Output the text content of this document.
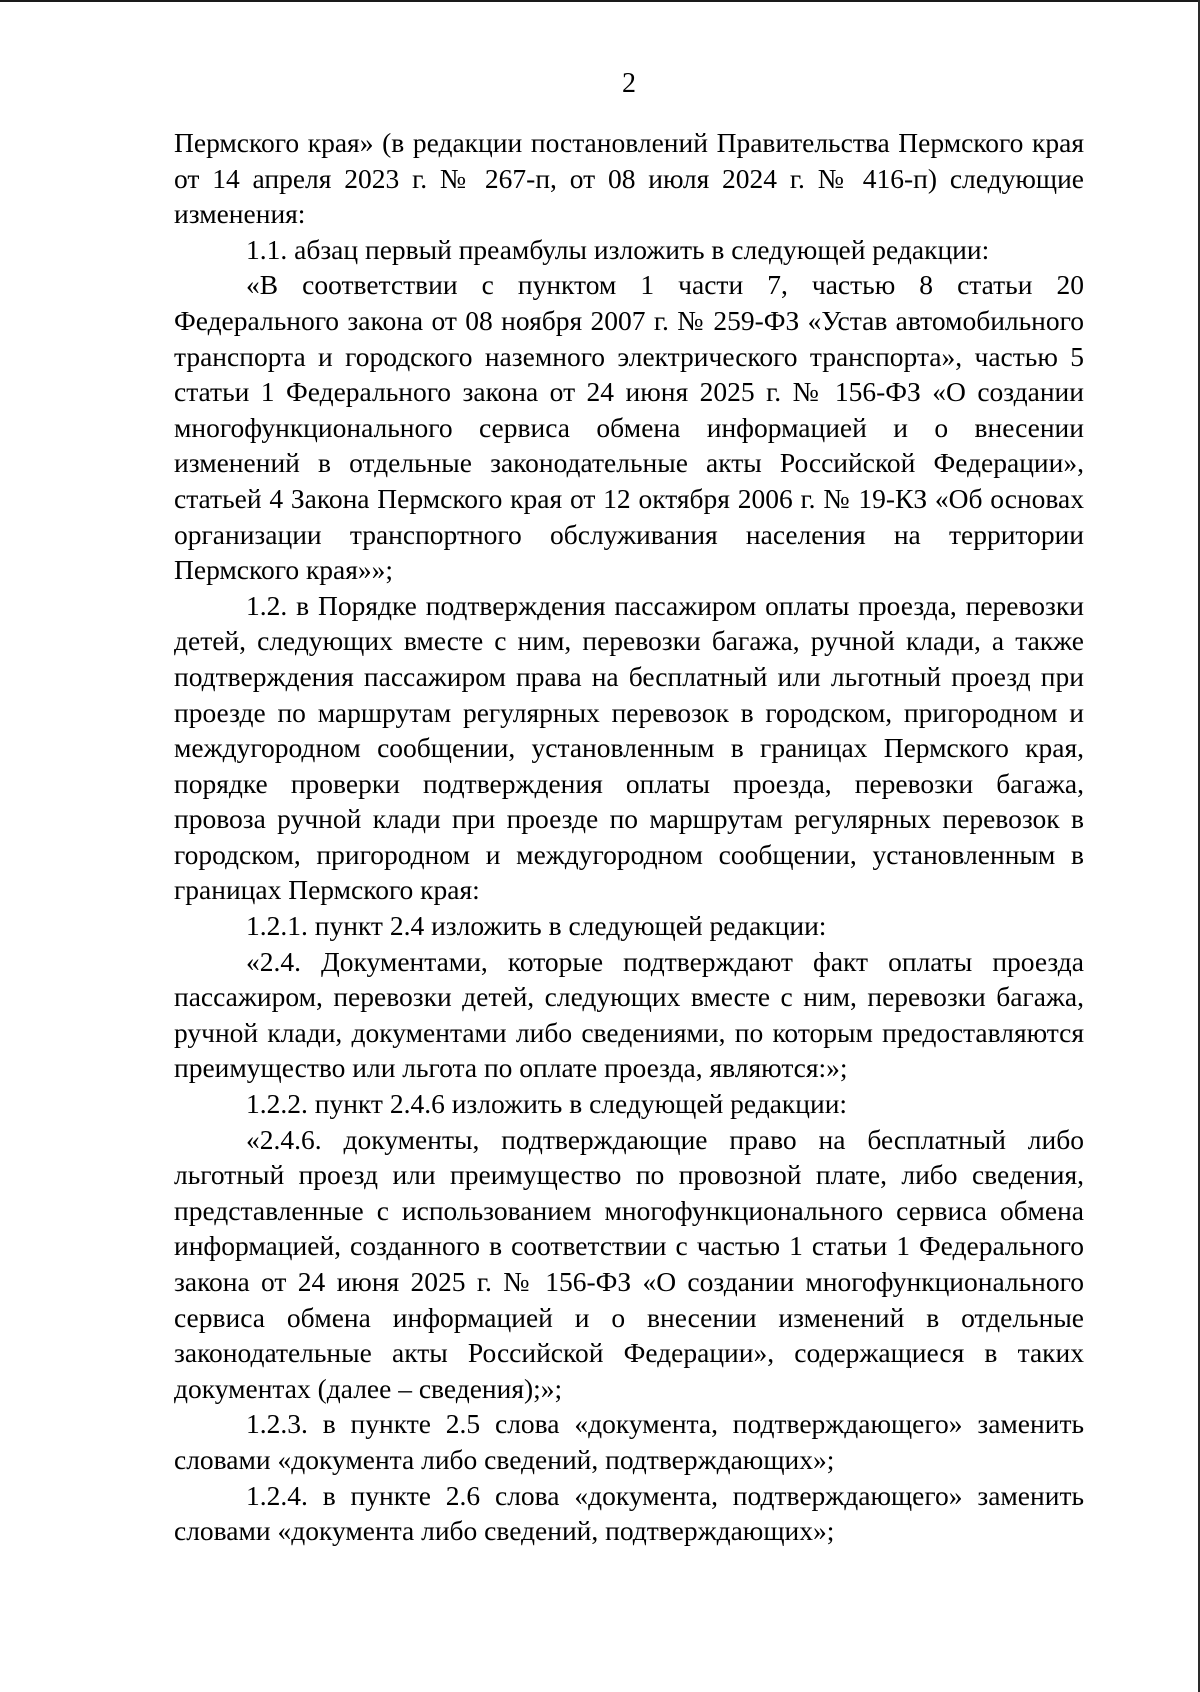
2

Пермского края» (в редакции постановлений Правительства Пермского края от 14 апреля 2023 г. № 267-п, от 08 июля 2024 г. № 416-п) следующие изменения:

1.1. абзац первый преамбулы изложить в следующей редакции:

«В соответствии с пунктом 1 части 7, частью 8 статьи 20 Федерального закона от 08 ноября 2007 г. № 259-ФЗ «Устав автомобильного транспорта и городского наземного электрического транспорта», частью 5 статьи 1 Федерального закона от 24 июня 2025 г. № 156-ФЗ «О создании многофункционального сервиса обмена информацией и о внесении изменений в отдельные законодательные акты Российской Федерации», статьей 4 Закона Пермского края от 12 октября 2006 г. № 19-КЗ «Об основах организации транспортного обслуживания населения на территории Пермского края»»;

1.2. в Порядке подтверждения пассажиром оплаты проезда, перевозки детей, следующих вместе с ним, перевозки багажа, ручной клади, а также подтверждения пассажиром права на бесплатный или льготный проезд при проезде по маршрутам регулярных перевозок в городском, пригородном и междугородном сообщении, установленным в границах Пермского края, порядке проверки подтверждения оплаты проезда, перевозки багажа, провоза ручной клади при проезде по маршрутам регулярных перевозок в городском, пригородном и междугородном сообщении, установленным в границах Пермского края:

1.2.1. пункт 2.4 изложить в следующей редакции:

«2.4. Документами, которые подтверждают факт оплаты проезда пассажиром, перевозки детей, следующих вместе с ним, перевозки багажа, ручной клади, документами либо сведениями, по которым предоставляются преимущество или льгота по оплате проезда, являются:»;

1.2.2. пункт 2.4.6 изложить в следующей редакции:

«2.4.6. документы, подтверждающие право на бесплатный либо льготный проезд или преимущество по провозной плате, либо сведения, представленные с использованием многофункционального сервиса обмена информацией, созданного в соответствии с частью 1 статьи 1 Федерального закона от 24 июня 2025 г. № 156-ФЗ «О создании многофункционального сервиса обмена информацией и о внесении изменений в отдельные законодательные акты Российской Федерации», содержащиеся в таких документах (далее – сведения);»;

1.2.3. в пункте 2.5 слова «документа, подтверждающего» заменить словами «документа либо сведений, подтверждающих»;

1.2.4. в пункте 2.6 слова «документа, подтверждающего» заменить словами «документа либо сведений, подтверждающих»;
